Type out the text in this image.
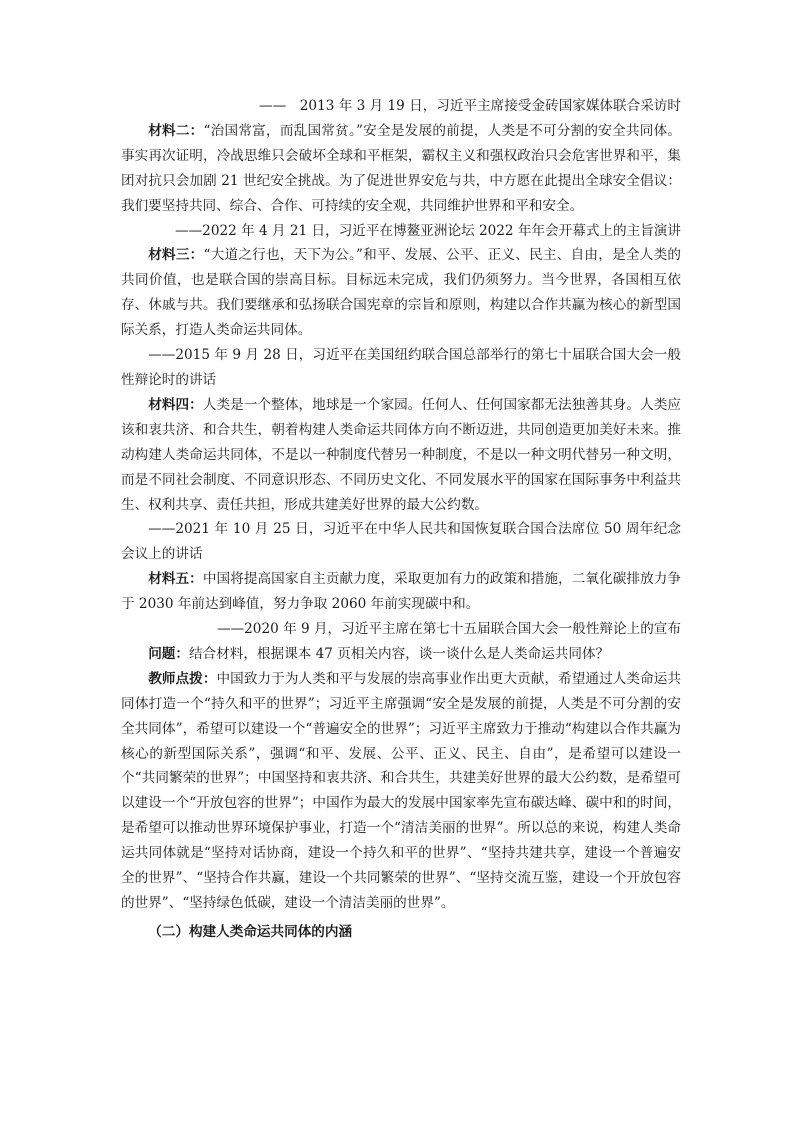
——　2013 年 3 月 19 日，习近平主席接受金砖国家媒体联合采访时

材料二：“治国常富，而乱国常贫。”安全是发展的前提，人类是不可分割的安全共同体。事实再次证明，冷战思维只会破坏全球和平框架，霸权主义和强权政治只会危害世界和平，集团对抗只会加剧 21 世纪安全挑战。为了促进世界安危与共，中方愿在此提出全球安全倡议：我们要坚持共同、综合、合作、可持续的安全观，共同维护世界和平和安全。

——2022 年 4 月 21 日，习近平在博鳌亚洲论坛 2022 年年会开幕式上的主旨演讲

材料三：“大道之行也，天下为公。”和平、发展、公平、正义、民主、自由，是全人类的共同价值，也是联合国的崇高目标。目标远未完成，我们仍须努力。当今世界，各国相互依存、休戚与共。我们要继承和弘扬联合国宪章的宗旨和原则，构建以合作共赢为核心的新型国际关系，打造人类命运共同体。

——2015 年 9 月 28 日，习近平在美国纽约联合国总部举行的第七十届联合国大会一般性辩论时的讲话

材料四：人类是一个整体，地球是一个家园。任何人、任何国家都无法独善其身。人类应该和衷共济、和合共生，朝着构建人类命运共同体方向不断迈进，共同创造更加美好未来。推动构建人类命运共同体，不是以一种制度代替另一种制度，不是以一种文明代替另一种文明，而是不同社会制度、不同意识形态、不同历史文化、不同发展水平的国家在国际事务中利益共生、权利共享、责任共担，形成共建美好世界的最大公约数。

——2021 年 10 月 25 日，习近平在中华人民共和国恢复联合国合法席位 50 周年纪念会议上的讲话

材料五：中国将提高国家自主贡献力度，采取更加有力的政策和措施，二氧化碳排放力争于 2030 年前达到峰值，努力争取 2060 年前实现碳中和。

——2020 年 9 月，习近平主席在第七十五届联合国大会一般性辩论上的宣布

问题：结合材料，根据课本 47 页相关内容，谈一谈什么是人类命运共同体？

教师点拨：中国致力于为人类和平与发展的崇高事业作出更大贡献，希望通过人类命运共同体打造一个“持久和平的世界”；习近平主席强调“安全是发展的前提，人类是不可分割的安全共同体”，希望可以建设一个“普遍安全的世界”；习近平主席致力于推动“构建以合作共赢为核心的新型国际关系”，强调“和平、发展、公平、正义、民主、自由”，是希望可以建设一个“共同繁荣的世界”；中国坚持和衷共济、和合共生，共建美好世界的最大公约数，是希望可以建设一个“开放包容的世界”；中国作为最大的发展中国家率先宣布碳达峰、碳中和的时间，是希望可以推动世界环境保护事业，打造一个“清洁美丽的世界”。所以总的来说，构建人类命运共同体就是“坚持对话协商，建设一个持久和平的世界”、“坚持共建共享，建设一个普遍安全的世界”、“坚持合作共赢，建设一个共同繁荣的世界”、“坚持交流互鉴，建设一个开放包容的世界”、“坚持绿色低碳，建设一个清洁美丽的世界”。

（二）构建人类命运共同体的内涵
